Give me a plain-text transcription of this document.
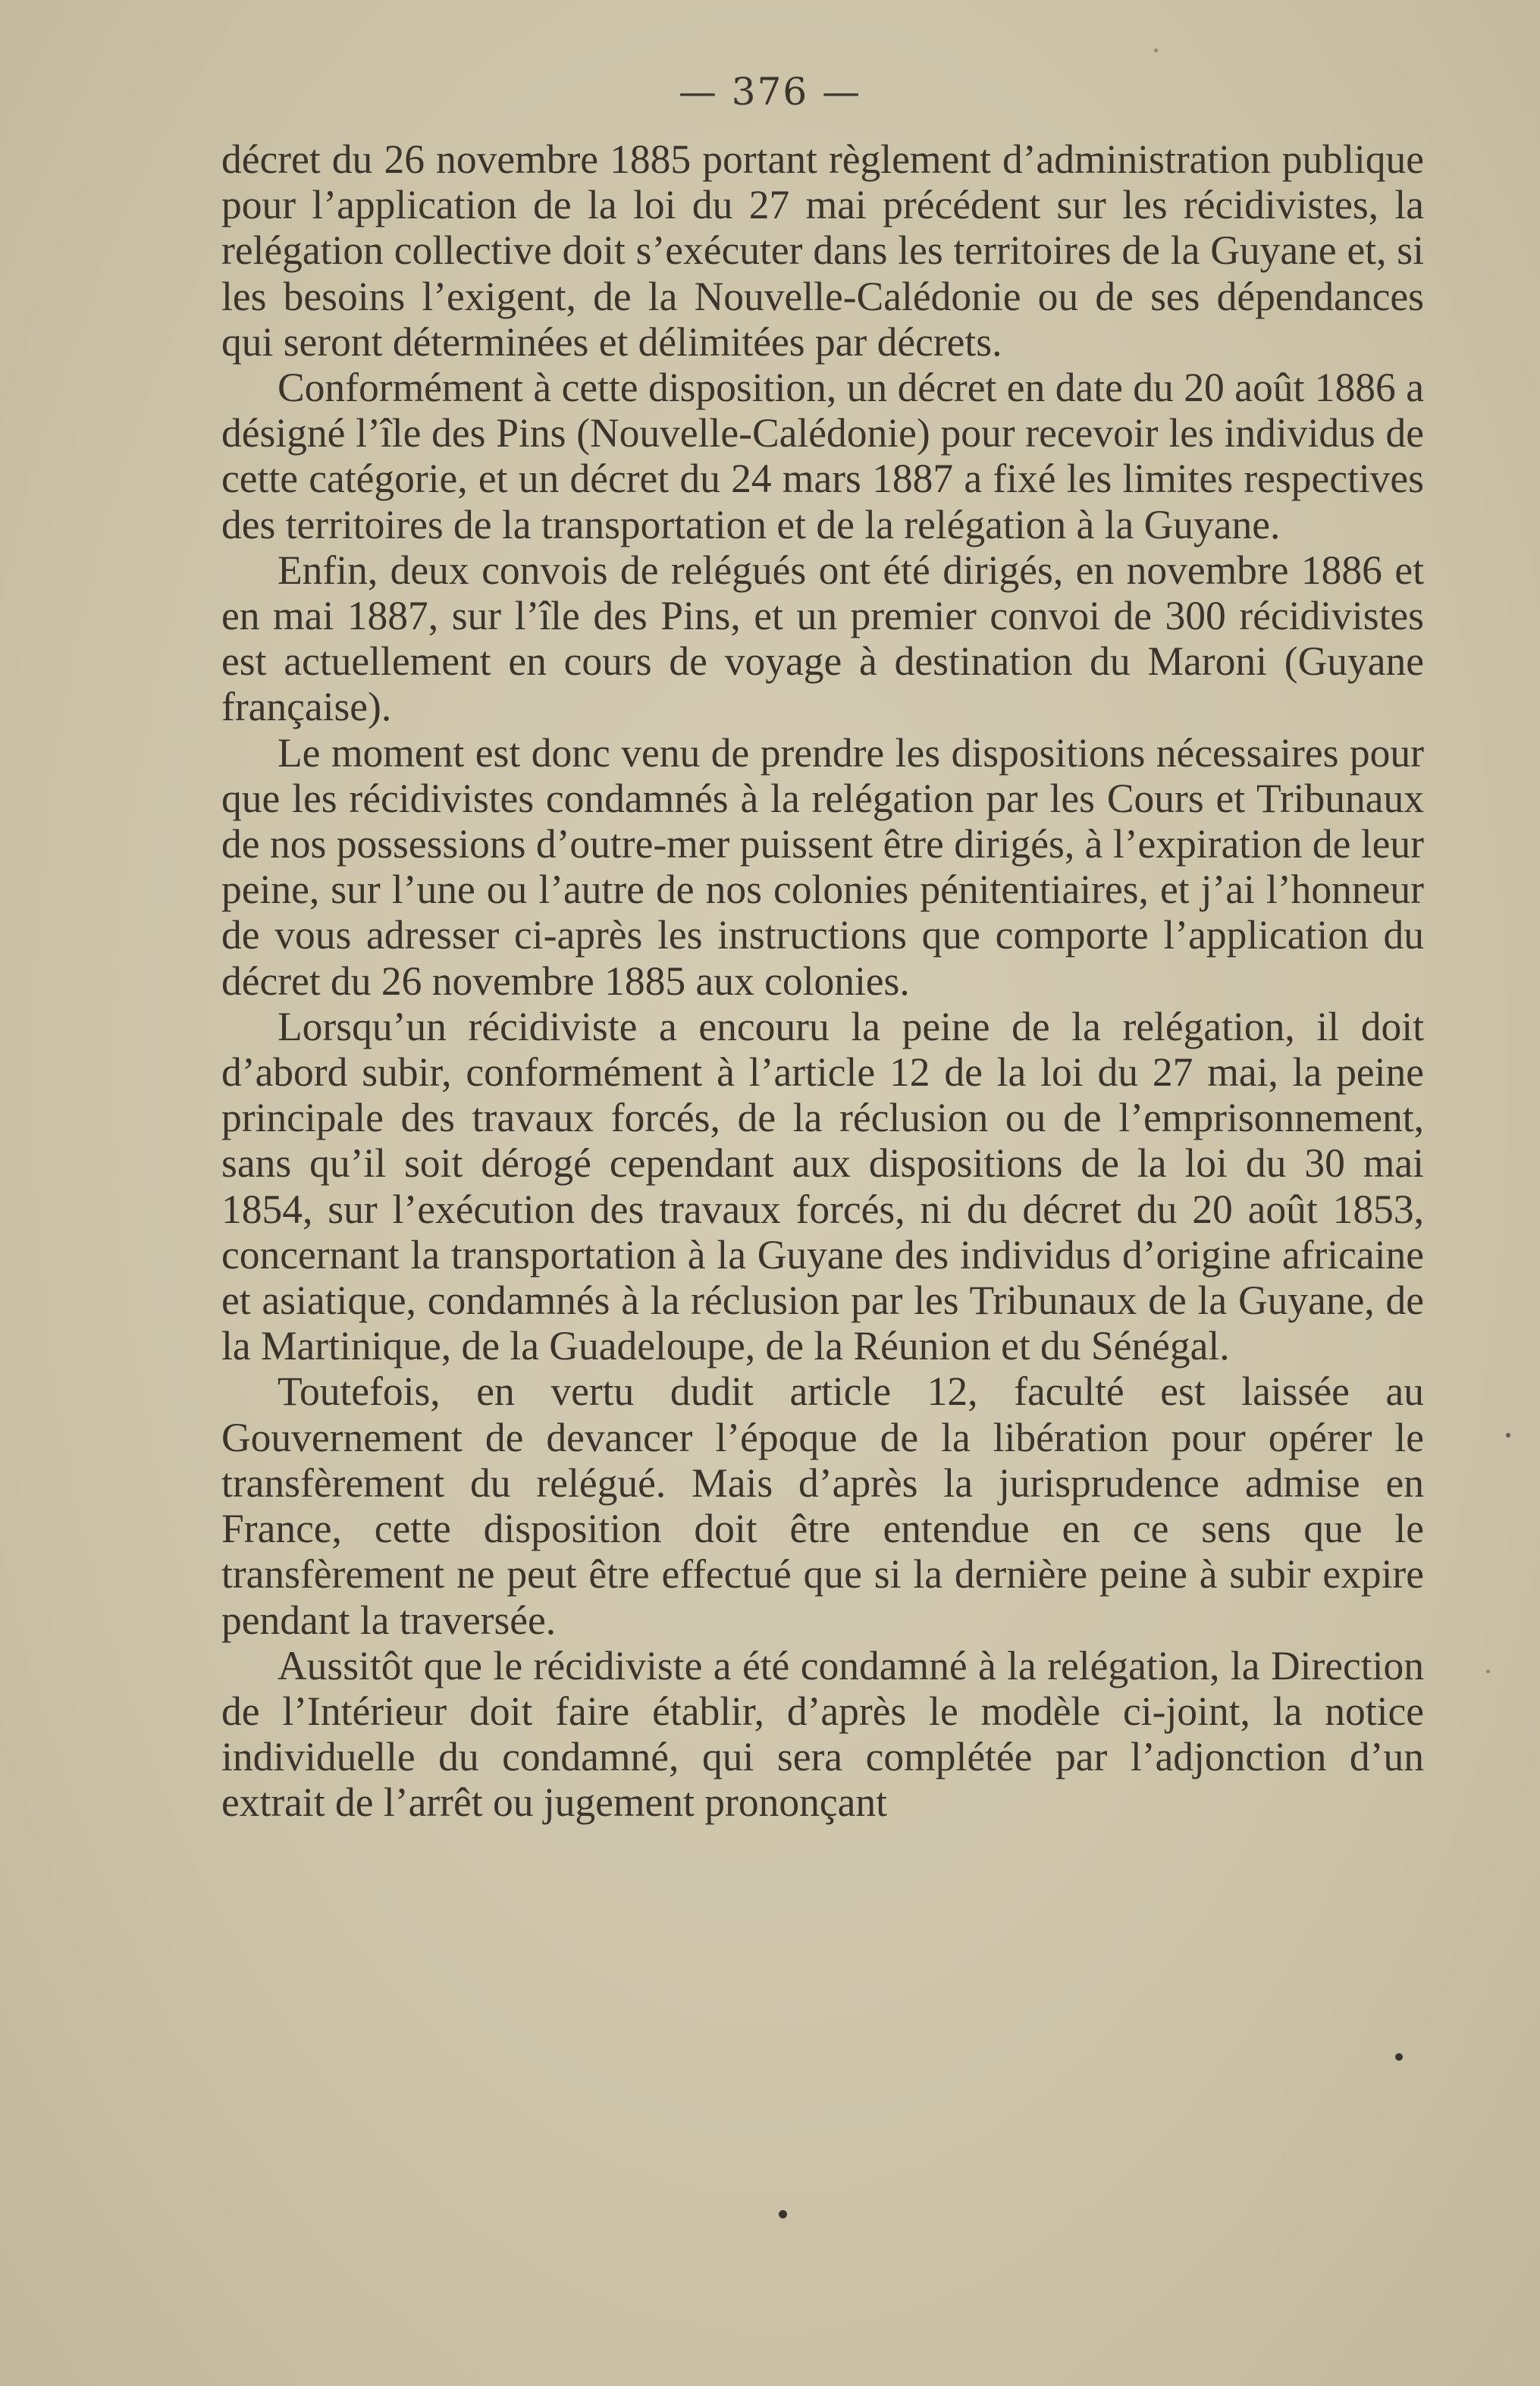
— 376 —

décret du 26 novembre 1885 portant règlement d’administration publique pour l’application de la loi du 27 mai précédent sur les récidivistes, la relégation collective doit s’exécuter dans les territoires de la Guyane et, si les besoins l’exigent, de la Nouvelle-Calédonie ou de ses dépendances qui seront déterminées et délimitées par décrets.

Conformément à cette disposition, un décret en date du 20 août 1886 a désigné l’île des Pins (Nouvelle-Calédonie) pour recevoir les individus de cette catégorie, et un décret du 24 mars 1887 a fixé les limites respectives des territoires de la transportation et de la relégation à la Guyane.

Enfin, deux convois de relégués ont été dirigés, en novembre 1886 et en mai 1887, sur l’île des Pins, et un premier convoi de 300 récidivistes est actuellement en cours de voyage à destination du Maroni (Guyane française).

Le moment est donc venu de prendre les dispositions nécessaires pour que les récidivistes condamnés à la relégation par les Cours et Tribunaux de nos possessions d’outre-mer puissent être dirigés, à l’expiration de leur peine, sur l’une ou l’autre de nos colonies pénitentiaires, et j’ai l’honneur de vous adresser ci-après les instructions que comporte l’application du décret du 26 novembre 1885 aux colonies.

Lorsqu’un récidiviste a encouru la peine de la relégation, il doit d’abord subir, conformément à l’article 12 de la loi du 27 mai, la peine principale des travaux forcés, de la réclusion ou de l’emprisonnement, sans qu’il soit dérogé cependant aux dispositions de la loi du 30 mai 1854, sur l’exécution des travaux forcés, ni du décret du 20 août 1853, concernant la transportation à la Guyane des individus d’origine africaine et asiatique, condamnés à la réclusion par les Tribunaux de la Guyane, de la Martinique, de la Guadeloupe, de la Réunion et du Sénégal.

Toutefois, en vertu dudit article 12, faculté est laissée au Gouvernement de devancer l’époque de la libération pour opérer le transfèrement du relégué. Mais d’après la jurisprudence admise en France, cette disposition doit être entendue en ce sens que le transfèrement ne peut être effectué que si la dernière peine à subir expire pendant la traversée.

Aussitôt que le récidiviste a été condamné à la relégation, la Direction de l’Intérieur doit faire établir, d’après le modèle ci-joint, la notice individuelle du condamné, qui sera complétée par l’adjonction d’un extrait de l’arrêt ou jugement prononçant
